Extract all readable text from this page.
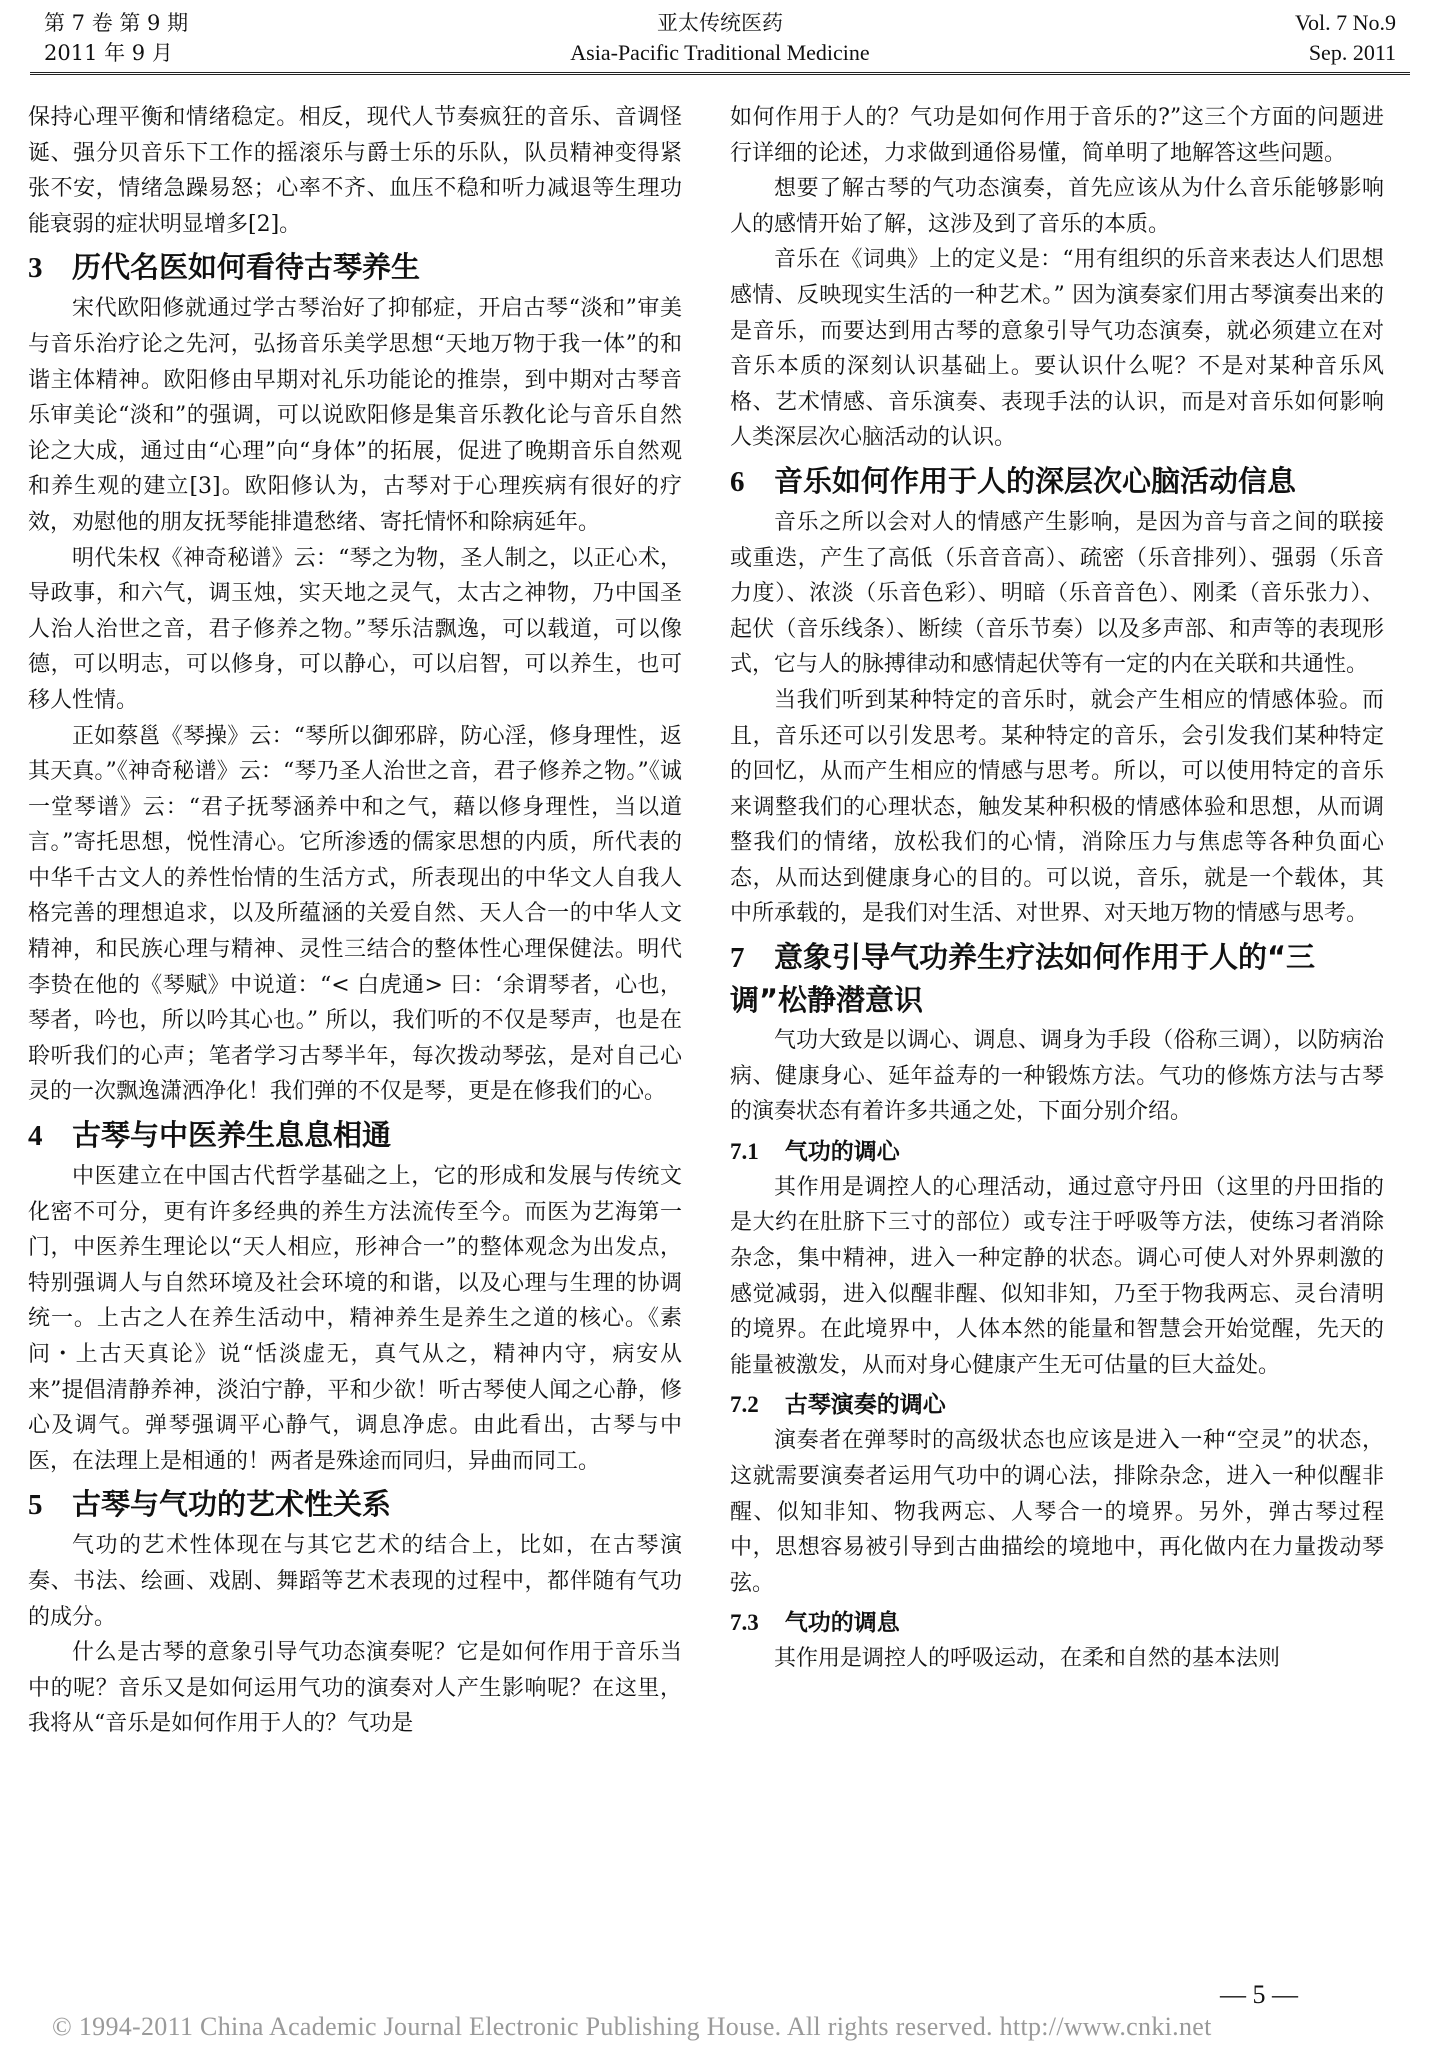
第 7 卷 第 9 期
2011 年 9 月
亚太传统医药
Asia-Pacific Traditional Medicine
Vol. 7 No.9
Sep. 2011

保持心理平衡和情绪稳定。相反，现代人节奏疯狂的音乐、音调怪诞、强分贝音乐下工作的摇滚乐与爵士乐的乐队，队员精神变得紧张不安，情绪急躁易怒；心率不齐、血压不稳和听力减退等生理功能衰弱的症状明显增多[2]。

3 历代名医如何看待古琴养生

宋代欧阳修就通过学古琴治好了抑郁症，开启古琴“淡和”审美与音乐治疗论之先河，弘扬音乐美学思想“天地万物于我一体”的和谐主体精神。欧阳修由早期对礼乐功能论的推崇，到中期对古琴音乐审美论“淡和”的强调，可以说欧阳修是集音乐教化论与音乐自然论之大成，通过由“心理”向“身体”的拓展，促进了晚期音乐自然观和养生观的建立[3]。欧阳修认为，古琴对于心理疾病有很好的疗效，劝慰他的朋友抚琴能排遣愁绪、寄托情怀和除病延年。

明代朱权《神奇秘谱》云：“琴之为物，圣人制之，以正心术，导政事，和六气，调玉烛，实天地之灵气，太古之神物，乃中国圣人治人治世之音，君子修养之物。”琴乐洁飘逸，可以载道，可以像德，可以明志，可以修身，可以静心，可以启智，可以养生，也可移人性情。

正如蔡邕《琴操》云：“琴所以御邪辟，防心淫，修身理性，返其天真。”《神奇秘谱》云：“琴乃圣人治世之音，君子修养之物。”《诚一堂琴谱》云：“君子抚琴涵养中和之气，藉以修身理性，当以道言。”寄托思想，悦性清心。它所渗透的儒家思想的内质，所代表的中华千古文人的养性怡情的生活方式，所表现出的中华文人自我人格完善的理想追求，以及所蕴涵的关爱自然、天人合一的中华人文精神，和民族心理与精神、灵性三结合的整体性心理保健法。明代李贽在他的《琴赋》中说道：“< 白虎通> 曰：‘余谓琴者，心也，琴者，吟也，所以吟其心也。” 所以，我们听的不仅是琴声，也是在聆听我们的心声；笔者学习古琴半年，每次拨动琴弦，是对自己心灵的一次飘逸潇洒净化！我们弹的不仅是琴，更是在修我们的心。

4 古琴与中医养生息息相通

中医建立在中国古代哲学基础之上，它的形成和发展与传统文化密不可分，更有许多经典的养生方法流传至今。而医为艺海第一门，中医养生理论以“天人相应，形神合一”的整体观念为出发点，特别强调人与自然环境及社会环境的和谐，以及心理与生理的协调统一。上古之人在养生活动中，精神养生是养生之道的核心。《素问・上古天真论》说“恬淡虚无，真气从之，精神内守，病安从来”提倡清静养神，淡泊宁静，平和少欲！听古琴使人闻之心静，修心及调气。弹琴强调平心静气，调息净虑。由此看出，古琴与中医，在法理上是相通的！两者是殊途而同归，异曲而同工。

5 古琴与气功的艺术性关系

气功的艺术性体现在与其它艺术的结合上，比如，在古琴演奏、书法、绘画、戏剧、舞蹈等艺术表现的过程中，都伴随有气功的成分。

什么是古琴的意象引导气功态演奏呢？它是如何作用于音乐当中的呢？音乐又是如何运用气功的演奏对人产生影响呢？在这里，我将从“音乐是如何作用于人的？气功是

如何作用于人的？气功是如何作用于音乐的?”这三个方面的问题进行详细的论述，力求做到通俗易懂，简单明了地解答这些问题。

想要了解古琴的气功态演奏，首先应该从为什么音乐能够影响人的感情开始了解，这涉及到了音乐的本质。

音乐在《词典》上的定义是：“用有组织的乐音来表达人们思想感情、反映现实生活的一种艺术。” 因为演奏家们用古琴演奏出来的是音乐，而要达到用古琴的意象引导气功态演奏，就必须建立在对音乐本质的深刻认识基础上。要认识什么呢？不是对某种音乐风格、艺术情感、音乐演奏、表现手法的认识，而是对音乐如何影响人类深层次心脑活动的认识。

6 音乐如何作用于人的深层次心脑活动信息

音乐之所以会对人的情感产生影响，是因为音与音之间的联接或重迭，产生了高低（乐音音高）、疏密（乐音排列）、强弱（乐音力度）、浓淡（乐音色彩）、明暗（乐音音色）、刚柔（音乐张力）、起伏（音乐线条）、断续（音乐节奏）以及多声部、和声等的表现形式，它与人的脉搏律动和感情起伏等有一定的内在关联和共通性。

当我们听到某种特定的音乐时，就会产生相应的情感体验。而且，音乐还可以引发思考。某种特定的音乐，会引发我们某种特定的回忆，从而产生相应的情感与思考。所以，可以使用特定的音乐来调整我们的心理状态，触发某种积极的情感体验和思想，从而调整我们的情绪，放松我们的心情，消除压力与焦虑等各种负面心态，从而达到健康身心的目的。可以说，音乐，就是一个载体，其中所承载的，是我们对生活、对世界、对天地万物的情感与思考。

7 意象引导气功养生疗法如何作用于人的“三调”松静潜意识

气功大致是以调心、调息、调身为手段（俗称三调），以防病治病、健康身心、延年益寿的一种锻炼方法。气功的修炼方法与古琴的演奏状态有着许多共通之处，下面分别介绍。

7.1 气功的调心

其作用是调控人的心理活动，通过意守丹田（这里的丹田指的是大约在肚脐下三寸的部位）或专注于呼吸等方法，使练习者消除杂念，集中精神，进入一种定静的状态。调心可使人对外界刺激的感觉减弱，进入似醒非醒、似知非知，乃至于物我两忘、灵台清明的境界。在此境界中，人体本然的能量和智慧会开始觉醒，先天的能量被激发，从而对身心健康产生无可估量的巨大益处。

7.2 古琴演奏的调心

演奏者在弹琴时的高级状态也应该是进入一种“空灵”的状态，这就需要演奏者运用气功中的调心法，排除杂念，进入一种似醒非醒、似知非知、物我两忘、人琴合一的境界。另外，弹古琴过程中，思想容易被引导到古曲描绘的境地中，再化做内在力量拨动琴弦。

7.3 气功的调息

其作用是调控人的呼吸运动，在柔和自然的基本法则

— 5 —
© 1994-2011 China Academic Journal Electronic Publishing House. All rights reserved. http://www.cnki.net
